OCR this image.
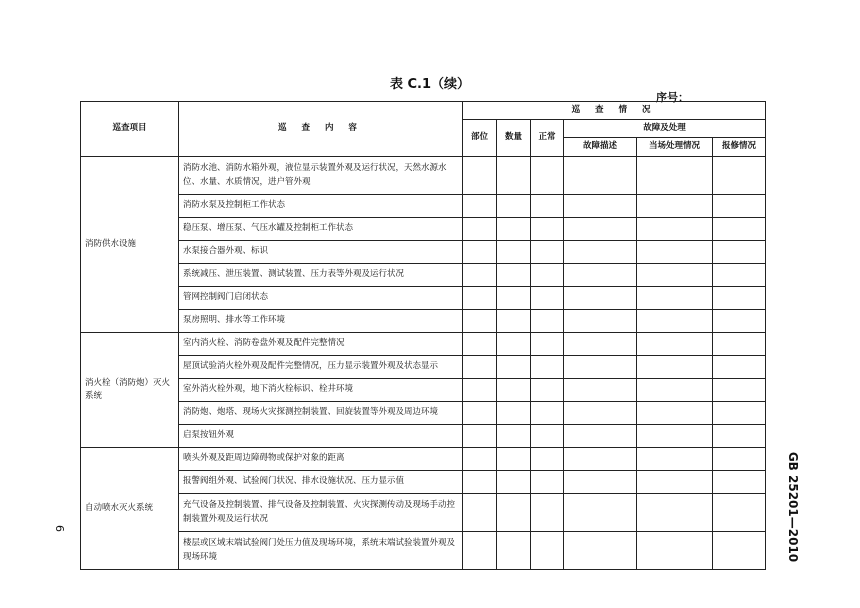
表 C.1（续）
序号：
6	GB 25201—2010
巡查项目	巡 查 内 容	巡 查 情 况					
		部位	数量	正常	故障及处理		
					故障描述	当场处理情况	报修情况
消防供水设施	消防水池、消防水箱外观，液位显示装置外观及运行状况，天然水源水位、水量、水质情况，进户管外观						
	消防水泵及控制柜工作状态						
	稳压泵、增压泵、气压水罐及控制柜工作状态						
	水泵接合器外观、标识						
	系统减压、泄压装置、测试装置、压力表等外观及运行状况						
	管网控制阀门启闭状态						
	泵房照明、排水等工作环境						
消火栓（消防炮）灭火系统	室内消火栓、消防卷盘外观及配件完整情况						
	屋顶试验消火栓外观及配件完整情况，压力显示装置外观及状态显示						
	室外消火栓外观，地下消火栓标识、栓井环境						
	消防炮、炮塔、现场火灾探测控制装置、回旋装置等外观及周边环境						
	启泵按钮外观						
自动喷水灭火系统	喷头外观及距周边障碍物或保护对象的距离						
	报警阀组外观、试验阀门状况、排水设施状况、压力显示值						
	充气设备及控制装置、排气设备及控制装置、火灾探测传动及现场手动控制装置外观及运行状况						
	楼层或区域末端试验阀门处压力值及现场环境，系统末端试验装置外观及现场环境						
